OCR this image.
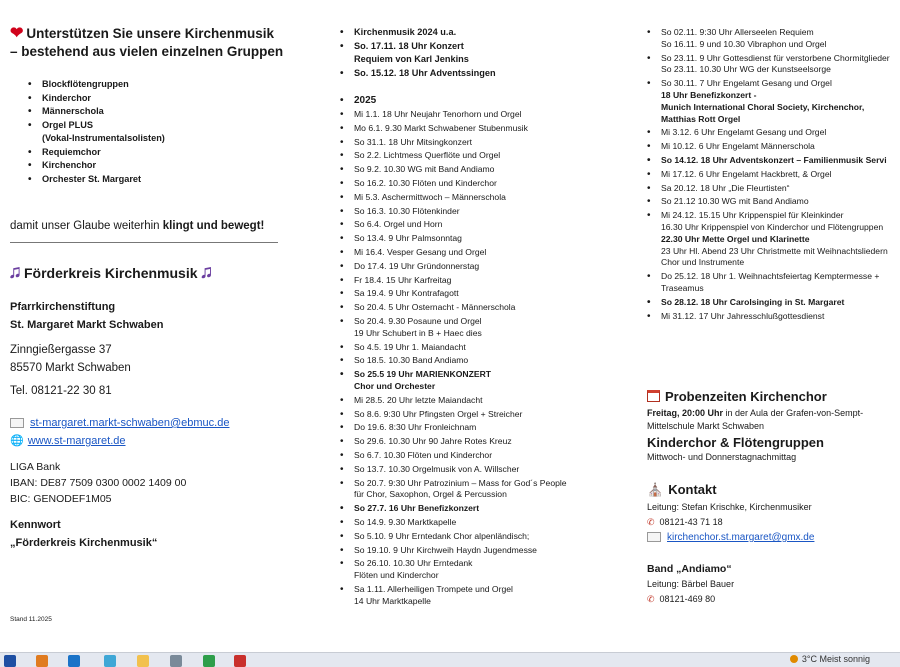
❤ Unterstützen Sie unsere Kirchenmusik – bestehend aus vielen einzelnen Gruppen
• Blockflötengruppen
• Kinderchor
• Männerschola
• Orgel PLUS
(Vokal-Instrumentalsolisten)
• Requiemchor
• Kirchenchor
• Orchester St. Margaret
damit unser Glaube weiterhin klingt und bewegt!
🎜 Förderkreis Kirchenmusik 🎜
Pfarrkirchenstiftung
St. Margaret Markt Schwaben
Zinngießergasse 37
85570 Markt Schwaben
Tel. 08121-22 30 81
st-margaret.markt-schwaben@ebmuc.de
🌐 www.st-margaret.de
LIGA Bank
IBAN: DE87 7509 0300 0002 1409 00
BIC: GENODEF1M05
Kennwort
„Förderkreis Kirchenmusik“
Stand 11.2025
• Kirchenmusik 2024 u.a.
• So. 17.11. 18 Uhr Konzert
Requiem von Karl Jenkins
• So. 15.12. 18 Uhr Adventssingen
• 2025
• Mi 1.1. 18 Uhr Neujahr Tenorhorn und Orgel
• Mo 6.1. 9.30 Markt Schwabener Stubenmusik
• So 31.1. 18 Uhr Mitsingkonzert
• So 2.2. Lichtmess Querflöte und Orgel
• So 9.2. 10.30 WG mit Band Andiamo
• So 16.2. 10.30 Flöten und Kinderchor
• Mi 5.3. Aschermittwoch – Männerschola
• So 16.3. 10.30 Flötenkinder
• So 6.4. Orgel und Horn
• So 13.4. 9 Uhr Palmsonntag
• Mi 16.4. Vesper Gesang und Orgel
• Do 17.4. 19 Uhr Gründonnerstag
• Fr 18.4. 15 Uhr Karfreitag
• Sa 19.4. 9 Uhr Kontrafagott
• So 20.4. 5 Uhr Osternacht - Männerschola
• So 20.4. 9.30 Posaune und Orgel
19 Uhr Schubert in B + Haec dies
• So 4.5. 19 Uhr 1. Maiandacht
• So 18.5. 10.30 Band Andiamo
• So 25.5 19 Uhr MARIENKONZERT
Chor und Orchester
• Mi 28.5. 20 Uhr letzte Maiandacht
• So 8.6. 9:30 Uhr Pfingsten Orgel + Streicher
• Do 19.6. 8:30 Uhr Fronleichnam
• So 29.6. 10.30 Uhr 90 Jahre Rotes Kreuz
• So 6.7. 10.30 Flöten und Kinderchor
• So 13.7. 10.30 Orgelmusik von A. Willscher
• So 20.7. 9:30 Uhr Patrozinium – Mass for God´s People
für Chor, Saxophon, Orgel & Percussion
• So 27.7. 16 Uhr Benefizkonzert
• So 14.9. 9.30 Marktkapelle
• So 5.10. 9 Uhr Erntedank Chor alpenländisch;
• So 19.10. 9 Uhr Kirchweih Haydn Jugendmesse
• So 26.10. 10.30 Uhr Erntedank
Flöten und Kinderchor
• Sa 1.11. Allerheiligen Trompete und Orgel
14 Uhr Marktkapelle
• So 02.11. 9:30 Uhr Allerseelen Requiem
So 16.11. 9 und 10.30 Vibraphon und Orgel
• So 23.11. 9 Uhr Gottesdienst für verstorbene Chormitglieder
So 23.11. 10.30 Uhr WG der Kunstseelsorge
• So 30.11. 7 Uhr Engelamt Gesang und Orgel
18 Uhr Benefizkonzert -
Munich International Choral Society, Kirchenchor, Matthias Rott Orgel
• Mi 3.12. 6 Uhr Engelamt Gesang und Orgel
• Mi 10.12. 6 Uhr Engelamt Männerschola
• So 14.12. 18 Uhr Adventskonzert – Familienmusik Servi
• Mi 17.12. 6 Uhr Engelamt Hackbrett, & Orgel
• Sa 20.12. 18 Uhr „Die Fleurtisten“
• So 21.12 10.30 WG mit Band Andiamo
• Mi 24.12. 15.15 Uhr Krippenspiel für Kleinkinder
16.30 Uhr Krippenspiel von Kinderchor und Flötengruppen
22.30 Uhr Mette Orgel und Klarinette
23 Uhr Hl. Abend 23 Uhr Christmette mit Weihnachtsliedern Chor und Instrumente
• Do 25.12. 18 Uhr 1. Weihnachtsfeiertag Kemptermesse + Traseamus
• So 28.12. 18 Uhr Carolsinging in St. Margaret
• Mi 31.12. 17 Uhr Jahresschlußgottesdienst
Probenzeiten Kirchenchor
Freitag, 20:00 Uhr in der Aula der Grafen-von-Sempt-Mittelschule Markt Schwaben
Kinderchor & Flötengruppen
Mittwoch- und Donnerstagnachmittag
⛪ Kontakt
Leitung: Stefan Krischke, Kirchenmusiker
✆ 08121-43 71 18
kirchenchor.st.margaret@gmx.de
Band „Andiamo“
Leitung: Bärbel Bauer
✆ 08121-469 80
3°C Meist sonnig
